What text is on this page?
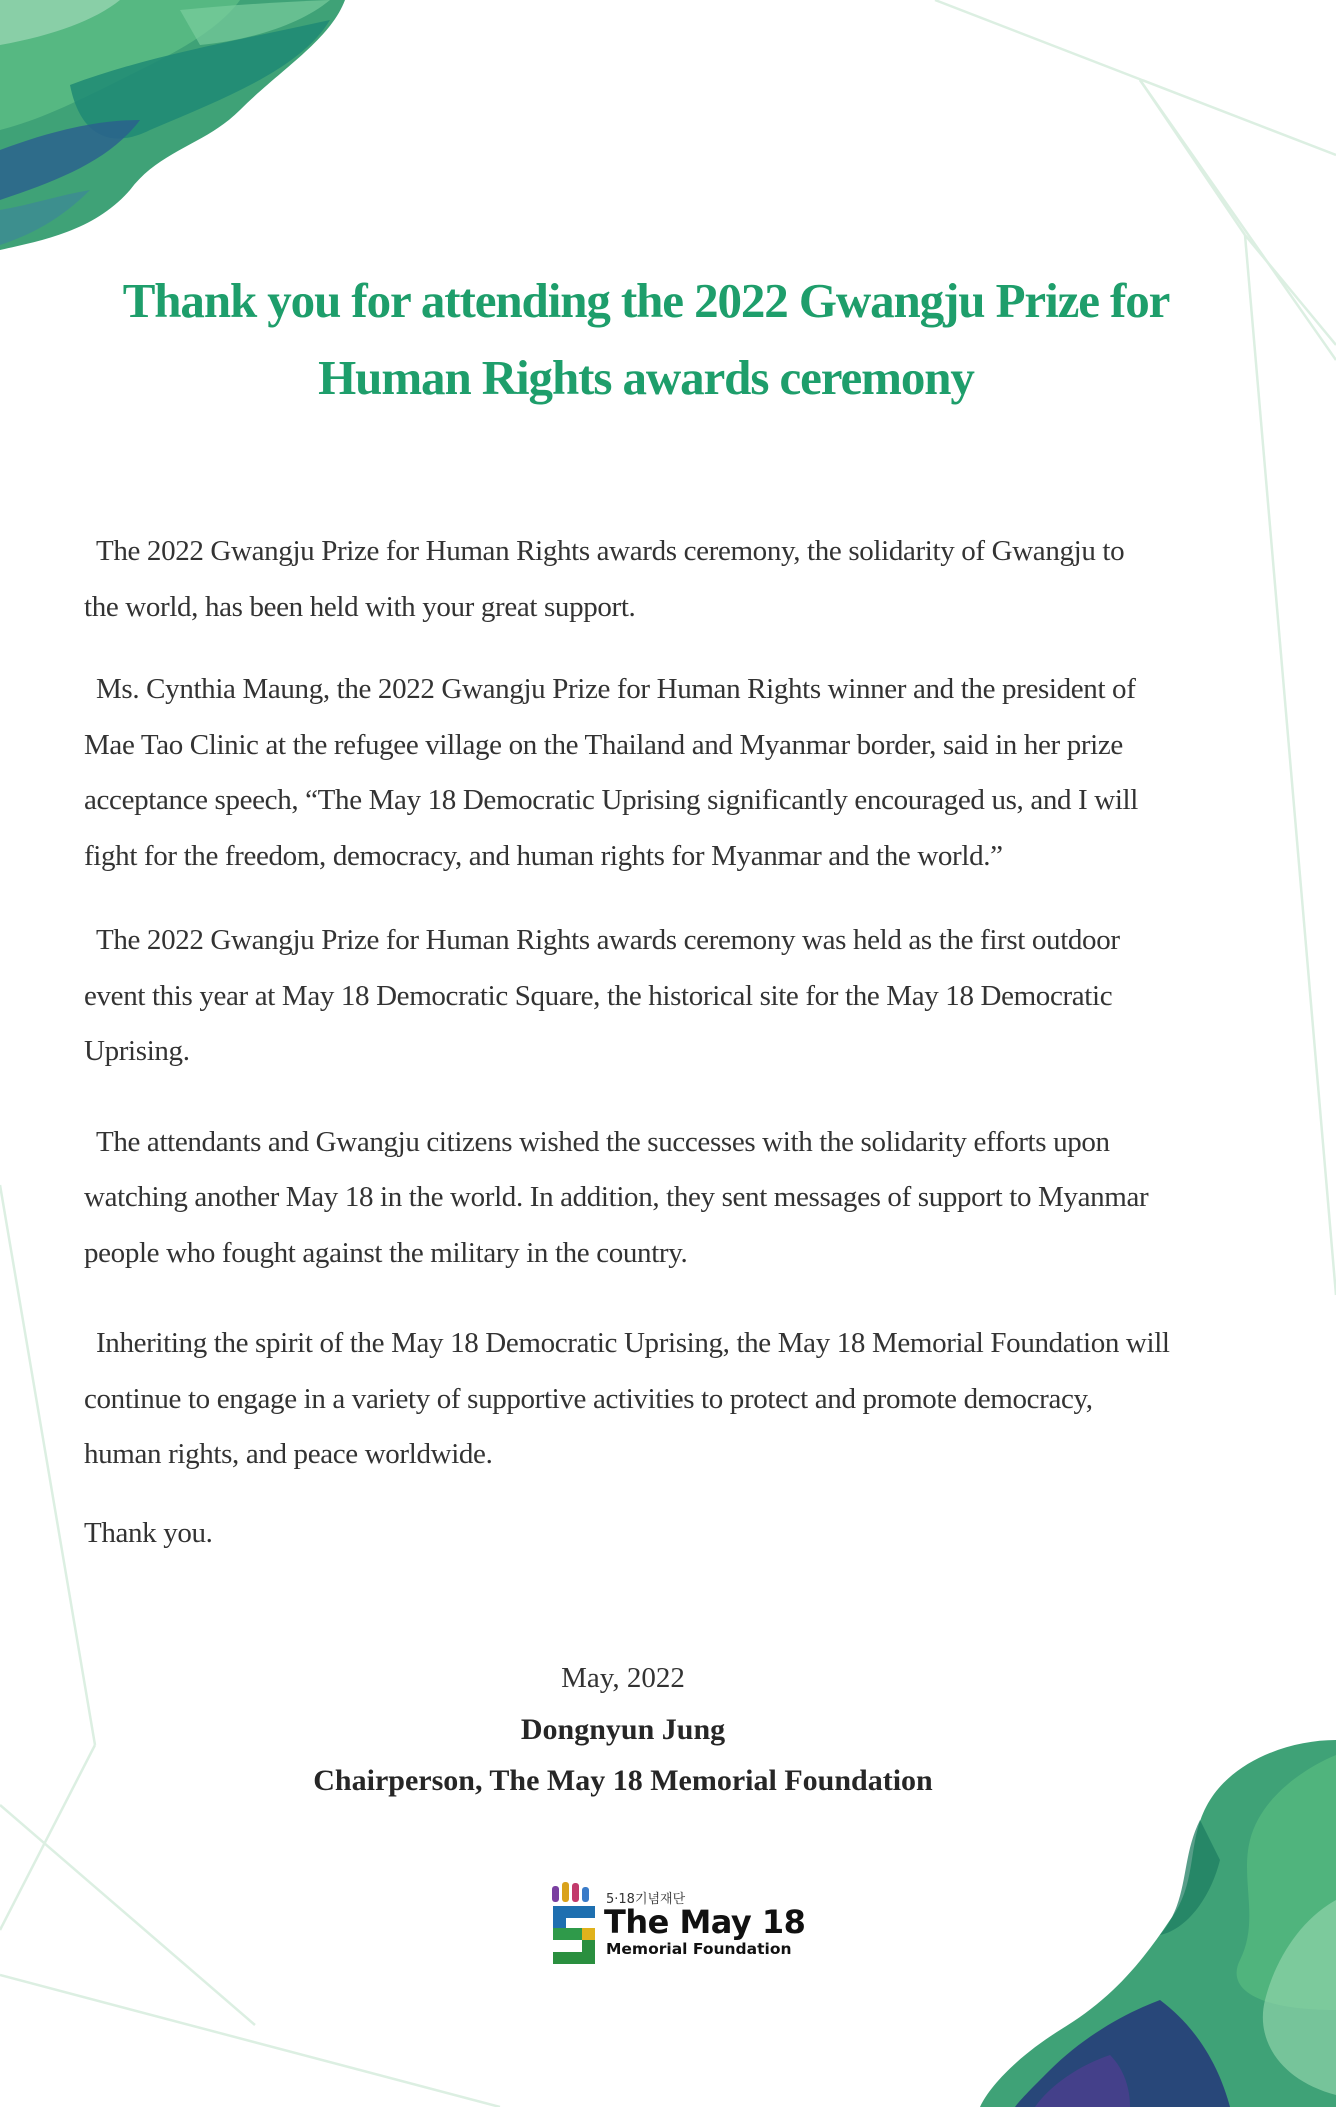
Thank you for attending the 2022 Gwangju Prize for
Human Rights awards ceremony

The 2022 Gwangju Prize for Human Rights awards ceremony, the solidarity of Gwangju to
the world, has been held with your great support.

Ms. Cynthia Maung, the 2022 Gwangju Prize for Human Rights winner and the president of
Mae Tao Clinic at the refugee village on the Thailand and Myanmar border, said in her prize
acceptance speech, “The May 18 Democratic Uprising significantly encouraged us, and I will
fight for the freedom, democracy, and human rights for Myanmar and the world.”

The 2022 Gwangju Prize for Human Rights awards ceremony was held as the first outdoor
event this year at May 18 Democratic Square, the historical site for the May 18 Democratic
Uprising.

The attendants and Gwangju citizens wished the successes with the solidarity efforts upon
watching another May 18 in the world. In addition, they sent messages of support to Myanmar
people who fought against the military in the country.

Inheriting the spirit of the May 18 Democratic Uprising, the May 18 Memorial Foundation will
continue to engage in a variety of supportive activities to protect and promote democracy,
human rights, and peace worldwide.

Thank you.

May, 2022

Dongnyun Jung

Chairperson, The May 18 Memorial Foundation

5·18기념재단
The May 18
Memorial Foundation
